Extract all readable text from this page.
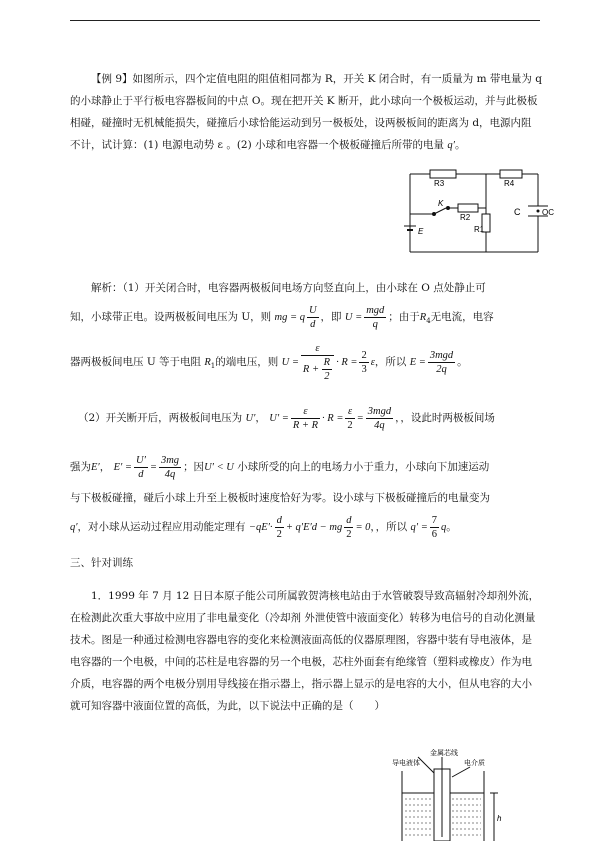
【例 9】如图所示，四个定值电阻的阻值相同都为 R，开关 K 闭合时，有一质量为 m 带电量为 q 的小球静止于平行板电容器板间的中点 O。现在把开关 K 断开，此小球向一个极板运动，并与此极板相碰，碰撞时无机械能损失，碰撞后小球恰能运动到另一极板处，设两极板间的距离为 d，电源内阻不计，试计算：(1) 电源电动势 ε 。(2) 小球和电容器一个极板碰撞后所带的电量 q′。

R3	R4
K
R2
R1
C	OC
E
解析：（1）开关闭合时，电容器两极板间电场方向竖直向上，由小球在 O 点处静止可
知，小球带正电。设两极板间电压为 U，则 mg = q $\frac{U}{d}$ ，即 U =
mgd
q
；由于$R_4$无电流，电容
器两极板间电压 U 等于电阻 $R_1$的端电压，则 $U = \frac{\varepsilon}{R + \frac{R}{2}} \cdot R = \frac{2}{3}$ ε，所以 E =
3mgd
2q
。
（2）开关断开后，两极板间电压为 U′， $U' = \frac{\varepsilon}{R + R} \cdot R = \frac{\varepsilon}{2}$ =
3mgd
4q
，，设此时两极板间场
强为E′， $E' = \frac{U'}{d} = \frac{3mg}{4q}$ ；因U′ < U 小球所受的向上的电场力小于重力，小球向下加速运动
与下极板碰撞，碰后小球上升至上极板时速度恰好为零。设小球与下极板碰撞后的电量变为
q′，对小球从运动过程应用动能定理有 $-qE'\cdot \frac{d}{2} + q'E'd$ − mg $\frac{d}{2} = 0$，，所以 $q' = \frac{7}{6}$ q。
三、针对训练

1．1999 年 7 月 12 日日本原子能公司所属敦贺湾核电站由于水管破裂导致高辐射冷却剂外流，在检测此次重大事故中应用了非电量变化（冷却剂 外泄使管中液面变化）转移为电信号的自动化测量技术。图是一种通过检测电容器电容的变化来检测液面高低的仪器原理图，容器中装有导电液体，是电容器的一个电极，中间的芯柱是电容器的另一个电极，芯柱外面套有绝缘管（塑料或橡皮）作为电介质，电容器的两个电极分别用导线接在指示器上，指示器上显示的是电容的大小，但从电容的大小就可知容器中液面位置的高低，为此，以下说法中正确的是（　　）

金属芯线
导电液体	电介质
h
